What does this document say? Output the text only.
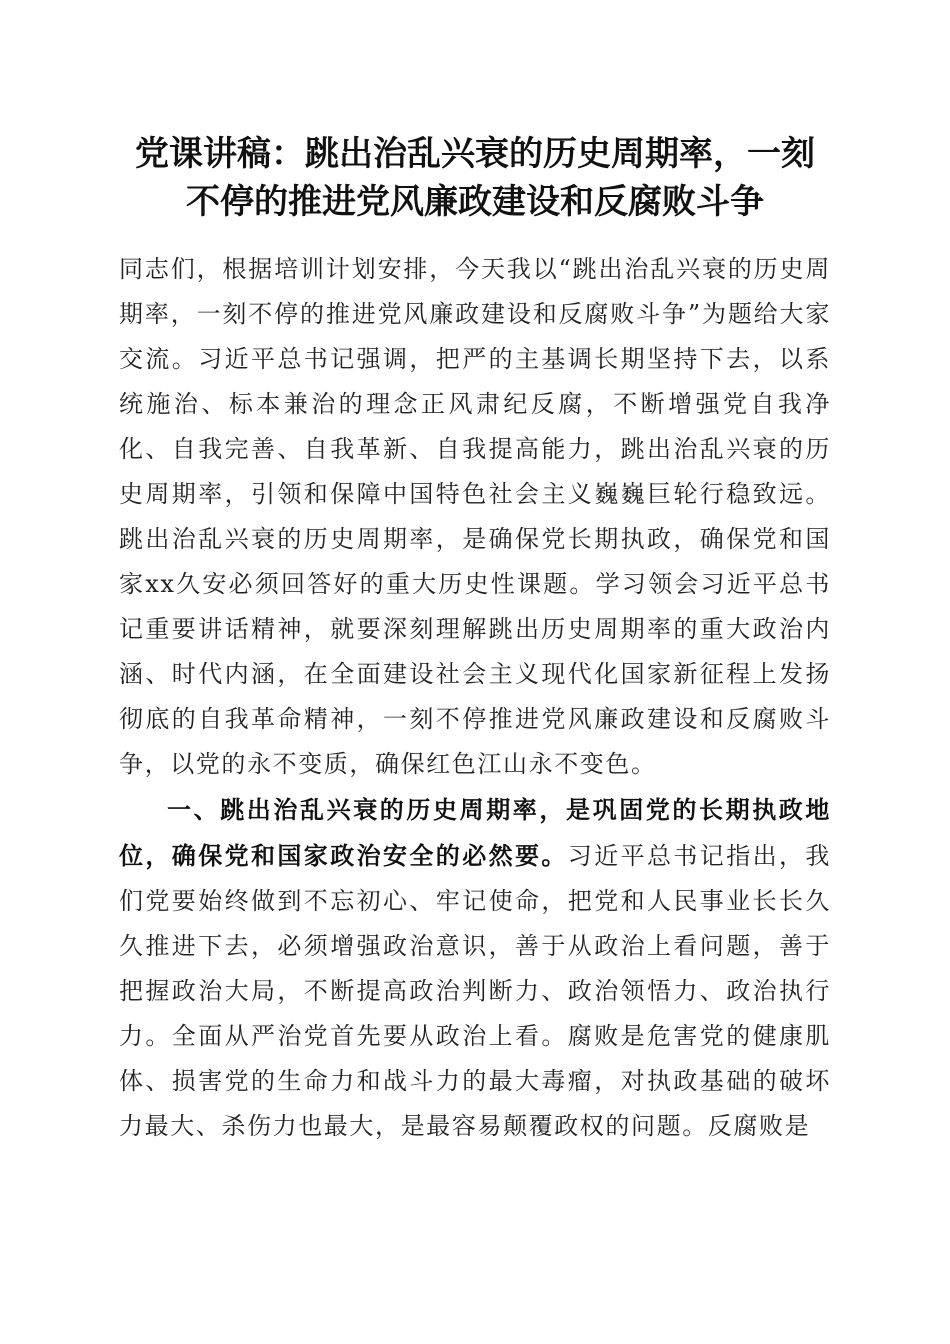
党课讲稿：跳出治乱兴衰的历史周期率，一刻
不停的推进党风廉政建设和反腐败斗争

同志们，根据培训计划安排，今天我以“跳出治乱兴衰的历史周期率，一刻不停的推进党风廉政建设和反腐败斗争”为题给大家交流。习近平总书记强调，把严的主基调长期坚持下去，以系统施治、标本兼治的理念正风肃纪反腐，不断增强党自我净化、自我完善、自我革新、自我提高能力，跳出治乱兴衰的历史周期率，引领和保障中国特色社会主义巍巍巨轮行稳致远。跳出治乱兴衰的历史周期率，是确保党长期执政，确保党和国家xx久安必须回答好的重大历史性课题。学习领会习近平总书记重要讲话精神，就要深刻理解跳出历史周期率的重大政治内涵、时代内涵，在全面建设社会主义现代化国家新征程上发扬彻底的自我革命精神，一刻不停推进党风廉政建设和反腐败斗争，以党的永不变质，确保红色江山永不变色。

一、跳出治乱兴衰的历史周期率，是巩固党的长期执政地位，确保党和国家政治安全的必然要。习近平总书记指出，我们党要始终做到不忘初心、牢记使命，把党和人民事业长长久久推进下去，必须增强政治意识，善于从政治上看问题，善于把握政治大局，不断提高政治判断力、政治领悟力、政治执行力。全面从严治党首先要从政治上看。腐败是危害党的健康肌体、损害党的生命力和战斗力的最大毒瘤，对执政基础的破坏力最大、杀伤力也最大，是最容易颠覆政权的问题。反腐败是
